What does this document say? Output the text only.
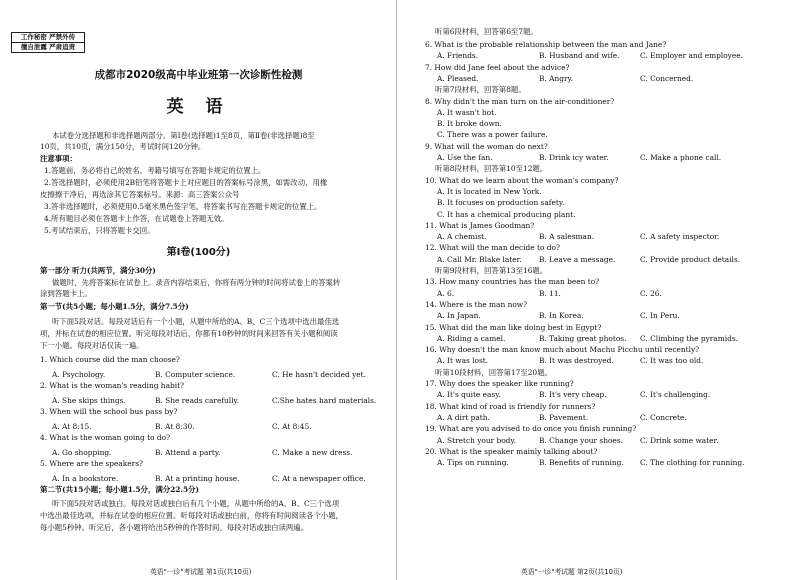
工作秘密 严禁外传
擅自泄露 严肃追责
成都市2020级高中毕业班第一次诊断性检测
英 语
本试卷分选择题和非选择题两部分。第Ⅰ卷(选择题)1至8页，第Ⅱ卷(非选择题)8至
10页，共10页，满分150分，考试时间120分钟。
注意事项：
1.答题前，务必将自己的姓名、考籍号填写在答题卡规定的位置上。
2.答选择题时，必须使用2B铅笔将答题卡上对应题目的答案标号涂黑，如需改动，用橡
皮擦擦干净后，再选涂其它答案标号。来源：高三答案公众号
3.答非选择题时，必须使用0.5毫米黑色签字笔，将答案书写在答题卡规定的位置上。
4.所有题目必须在答题卡上作答，在试题卷上答题无效。
5.考试结束后，只将答题卡交回。
第Ⅰ卷(100分)
第一部分 听力(共两节，满分30分)
做题时，先将答案标在试卷上。录音内容结束后，你将有两分钟的时间将试卷上的答案转
涂到答题卡上。
第一节(共5小题；每小题1.5分，满分7.5分)
听下面5段对话。每段对话后有一个小题，从题中所给的A、B、C三个选项中选出最佳选
项，并标在试卷的相应位置。听完每段对话后，你都有10秒钟的时间来回答有关小题和阅读
下一小题。每段对话仅读一遍。
1. Which course did the man choose?
A. Psychology.	B. Computer science.	C. He hasn't decided yet.
2. What is the woman's reading habit?
A. She skips things.	B. She reads carefully.	C.She hates hard materials.
3. When will the school bus pass by?
A. At 8:15.	B. At 8:30.	C. At 8:45.
4. What is the woman going to do?
A. Go shopping.	B. Attend a party.	C. Make a new dress.
5. Where are the speakers?
A. In a bookstore.	B. At a printing house.	C. At a newspaper office.
第二节(共15小题；每小题1.5分，满分22.5分)
听下面5段对话或独白。每段对话或独白后有几个小题，从题中所给的A、B、C三个选项
中选出最佳选项，并标在试卷的相应位置。听每段对话或独白前，你将有时间阅读各个小题，
每小题5秒钟。听完后，各小题将给出5秒钟的作答时间。每段对话或独白读两遍。
英语"一诊"考试题 第1页(共10页)
听第6段材料，回答第6至7题。
6. What is the probable relationship between the man and Jane?
A. Friends.	B. Husband and wife.	C. Employer and employee.
7. How did Jane feel about the advice?
A. Pleased.	B. Angry.	C. Concerned.
听第7段材料，回答第8题。
8. Why didn't the man turn on the air-conditioner?
A. It wasn't hot.
B. It broke down.
C. There was a power failure.
9. What will the woman do next?
A. Use the fan.	B. Drink icy water.	C. Make a phone call.
听第8段材料，回答第10至12题。
10. What do we learn about the woman's company?
A. It is located in New York.
B. It focuses on production safety.
C. It has a chemical producing plant.
11. What is James Goodman?
A. A chemist.	B. A salesman.	C. A safety inspector.
12. What will the man decide to do?
A. Call Mr. Blake later. B. Leave a message.	C. Provide product details.
听第9段材料，回答第13至16题。
13. How many countries has the man been to?
A. 6.	B. 11.	C. 26.
14. Where is the man now?
A. In Japan.	B. In Korea.	C. In Peru.
15. What did the man like doing best in Egypt?
A. Riding a camel.	B. Taking great photos. C. Climbing the pyramids.
16. Why doesn't the man know much about Machu Picchu until recently?
A. It was lost.	B. It was destroyed.	C. It was too old.
听第10段材料，回答第17至20题。
17. Why does the speaker like running?
A. It's quite easy.	B. It's very cheap.	C. It's challenging.
18. What kind of road is friendly for runners?
A. A dirt path.	B. Pavement.	C. Concrete.
19. What are you advised to do once you finish running?
A. Stretch your body.	B. Change your shoes. C. Drink some water.
20. What is the speaker mainly talking about?
A. Tips on running.	B. Benefits of running. C. The clothing for running.
英语"一诊"考试题 第2页(共10页)
